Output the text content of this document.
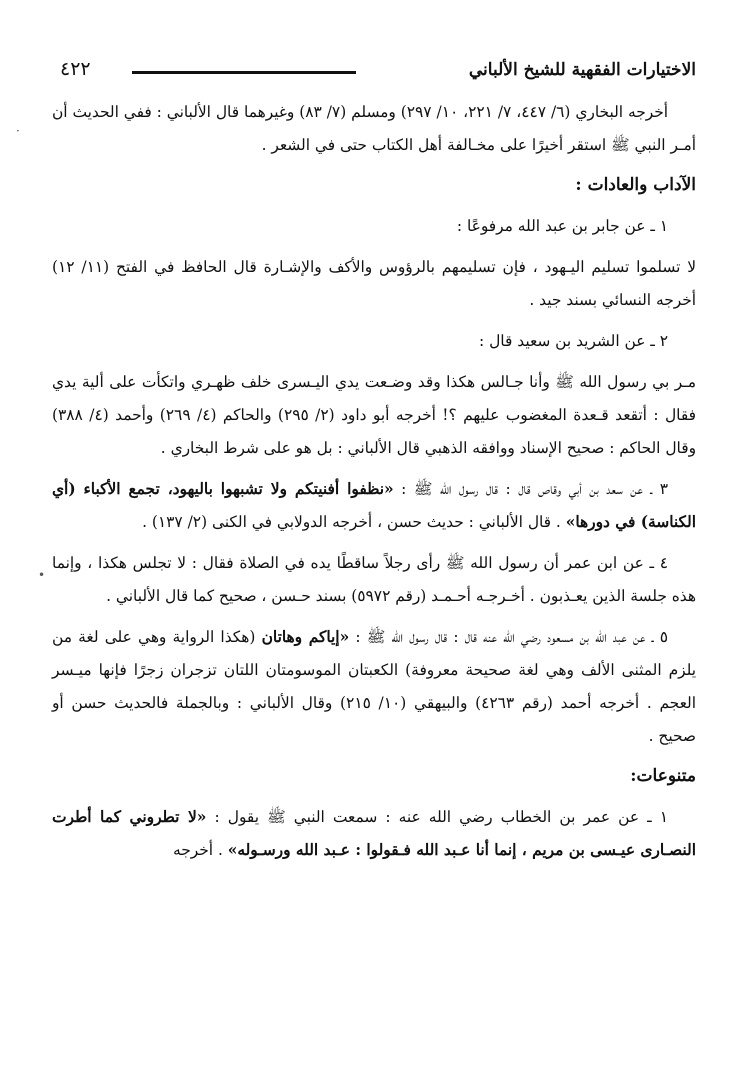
الاختيارات الفقهية للشيخ الألباني
٤٢٢

أخرجه البخاري (٦/ ٤٤٧، ٧/ ٢٢١، ١٠/ ٢٩٧) ومسلم (٧/ ٨٣) وغيرهما قال الألباني : ففي الحديث أن أمـر النبي ﷺ استقر أخيرًا على مخـالفة أهل الكتاب حتى في الشعر .

الآداب والعادات :

١ ـ عن جابر بن عبد الله مرفوعًا :

لا تسلموا تسليم اليـهود ، فإن تسليمهم بالرؤوس والأكف والإشـارة قال الحافظ في الفتح (١١/ ١٢) أخرجه النسائي بسند جيد .

٢ ـ عن الشريد بن سعيد قال :

مـر بي رسول الله ﷺ وأنا جـالس هكذا وقد وضـعت يدي اليـسرى خلف ظهـري واتكأت على ألية يدي فقال : أتقعد قـعدة المغضوب عليهم ؟! أخرجه أبو داود (٢/ ٢٩٥) والحاكم (٤/ ٢٦٩) وأحمد (٤/ ٣٨٨) وقال الحاكم : صحيح الإسناد ووافقه الذهبي قال الألباني : بل هو على شرط البخاري .

٣ ـ عن سعد بن أبي وقاص قال : قال رسول الله ﷺ : «نظفوا أفنيتكم ولا تشبهوا باليهود، تجمع الأكباء (أي الكناسة) في دورها» . قال الألباني : حديث حسن ، أخرجه الدولابي في الكنى (٢/ ١٣٧) .

٤ ـ عن ابن عمر أن رسول الله ﷺ رأى رجلاً ساقطًا يده في الصلاة فقال : لا تجلس هكذا ، وإنما هذه جلسة الذين يعـذبون . أخـرجـه أحـمـد (رقم ٥٩٧٢) بسند حـسن ، صحيح كما قال الألباني .

٥ ـ عن عبد الله بن مسعود رضي الله عنه قال : قال رسول الله ﷺ : «إياكم وهاتان (هكذا الرواية وهي على لغة من يلزم المثنى الألف وهي لغة صحيحة معروفة) الكعبتان الموسومتان اللتان تزجران زجرًا فإنها ميـسر العجم . أخرجه أحمد (رقم ٤٢٦٣) والبيهقي (١٠/ ٢١٥) وقال الألباني : وبالجملة فالحديث حسن أو صحيح .

متنوعات:

١ ـ عن عمر بن الخطاب رضي الله عنه : سمعت النبي ﷺ يقول : «لا تطروني كما أطرت النصـارى عيـسى بن مريم ، إنما أنا عـبد الله فـقولوا : عـبد الله ورسـوله» . أخرجه

•
·
